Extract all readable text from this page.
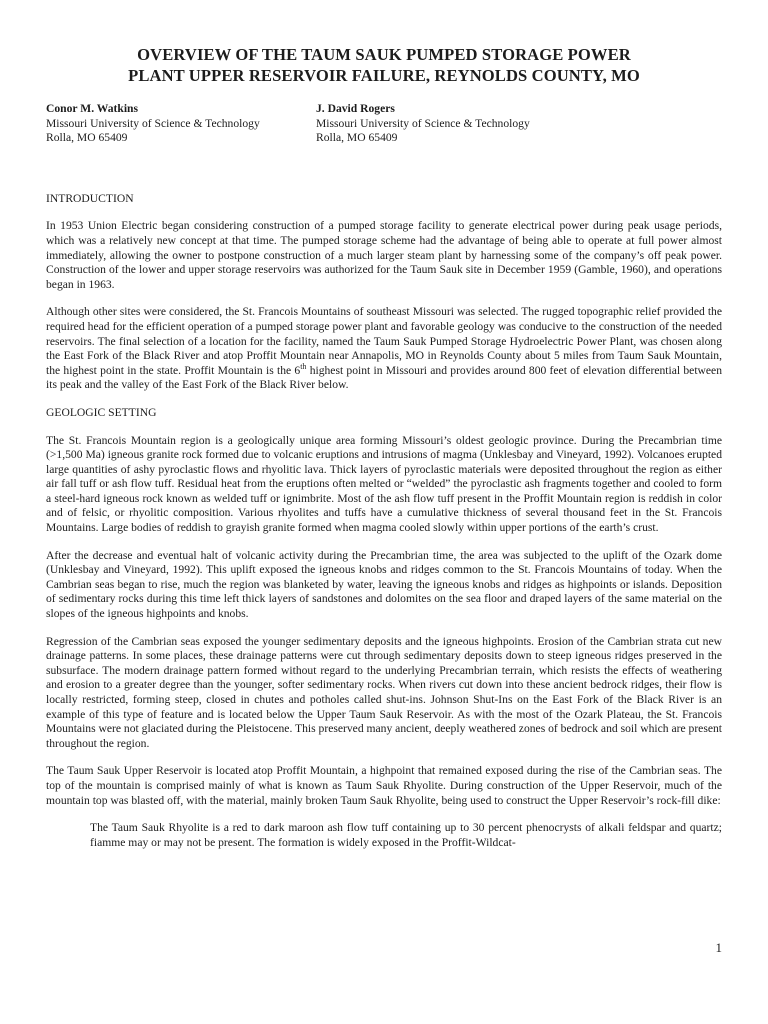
OVERVIEW OF THE TAUM SAUK PUMPED STORAGE POWER
PLANT UPPER RESERVOIR FAILURE, REYNOLDS COUNTY, MO
Conor M. Watkins
Missouri University of Science & Technology
Rolla, MO 65409
J. David Rogers
Missouri University of Science & Technology
Rolla, MO 65409
INTRODUCTION

In 1953 Union Electric began considering construction of a pumped storage facility to generate electrical power during peak usage periods, which was a relatively new concept at that time. The pumped storage scheme had the advantage of being able to operate at full power almost immediately, allowing the owner to postpone construction of a much larger steam plant by harnessing some of the company’s off peak power. Construction of the lower and upper storage reservoirs was authorized for the Taum Sauk site in December 1959 (Gamble, 1960), and operations began in 1963.

Although other sites were considered, the St. Francois Mountains of southeast Missouri was selected. The rugged topographic relief provided the required head for the efficient operation of a pumped storage power plant and favorable geology was conducive to the construction of the needed reservoirs. The final selection of a location for the facility, named the Taum Sauk Pumped Storage Hydroelectric Power Plant, was chosen along the East Fork of the Black River and atop Proffit Mountain near Annapolis, MO in Reynolds County about 5 miles from Taum Sauk Mountain, the highest point in the state. Proffit Mountain is the 6th highest point in Missouri and provides around 800 feet of elevation differential between its peak and the valley of the East Fork of the Black River below.

GEOLOGIC SETTING

The St. Francois Mountain region is a geologically unique area forming Missouri’s oldest geologic province. During the Precambrian time (>1,500 Ma) igneous granite rock formed due to volcanic eruptions and intrusions of magma (Unklesbay and Vineyard, 1992). Volcanoes erupted large quantities of ashy pyroclastic flows and rhyolitic lava. Thick layers of pyroclastic materials were deposited throughout the region as either air fall tuff or ash flow tuff. Residual heat from the eruptions often melted or “welded” the pyroclastic ash fragments together and cooled to form a steel-hard igneous rock known as welded tuff or ignimbrite. Most of the ash flow tuff present in the Proffit Mountain region is reddish in color and of felsic, or rhyolitic composition. Various rhyolites and tuffs have a cumulative thickness of several thousand feet in the St. Francois Mountains. Large bodies of reddish to grayish granite formed when magma cooled slowly within upper portions of the earth’s crust.

After the decrease and eventual halt of volcanic activity during the Precambrian time, the area was subjected to the uplift of the Ozark dome (Unklesbay and Vineyard, 1992). This uplift exposed the igneous knobs and ridges common to the St. Francois Mountains of today. When the Cambrian seas began to rise, much the region was blanketed by water, leaving the igneous knobs and ridges as highpoints or islands. Deposition of sedimentary rocks during this time left thick layers of sandstones and dolomites on the sea floor and draped layers of the same material on the slopes of the igneous highpoints and knobs.

Regression of the Cambrian seas exposed the younger sedimentary deposits and the igneous highpoints. Erosion of the Cambrian strata cut new drainage patterns. In some places, these drainage patterns were cut through sedimentary deposits down to steep igneous ridges preserved in the subsurface. The modern drainage pattern formed without regard to the underlying Precambrian terrain, which resists the effects of weathering and erosion to a greater degree than the younger, softer sedimentary rocks. When rivers cut down into these ancient bedrock ridges, their flow is locally restricted, forming steep, closed in chutes and potholes called shut-ins. Johnson Shut-Ins on the East Fork of the Black River is an example of this type of feature and is located below the Upper Taum Sauk Reservoir. As with the most of the Ozark Plateau, the St. Francois Mountains were not glaciated during the Pleistocene. This preserved many ancient, deeply weathered zones of bedrock and soil which are present throughout the region.

The Taum Sauk Upper Reservoir is located atop Proffit Mountain, a highpoint that remained exposed during the rise of the Cambrian seas. The top of the mountain is comprised mainly of what is known as Taum Sauk Rhyolite. During construction of the Upper Reservoir, much of the mountain top was blasted off, with the material, mainly broken Taum Sauk Rhyolite, being used to construct the Upper Reservoir’s rock-fill dike:

The Taum Sauk Rhyolite is a red to dark maroon ash flow tuff containing up to 30 percent phenocrysts of alkali feldspar and quartz; fiamme may or may not be present. The formation is widely exposed in the Proffit-Wildcat-
1
